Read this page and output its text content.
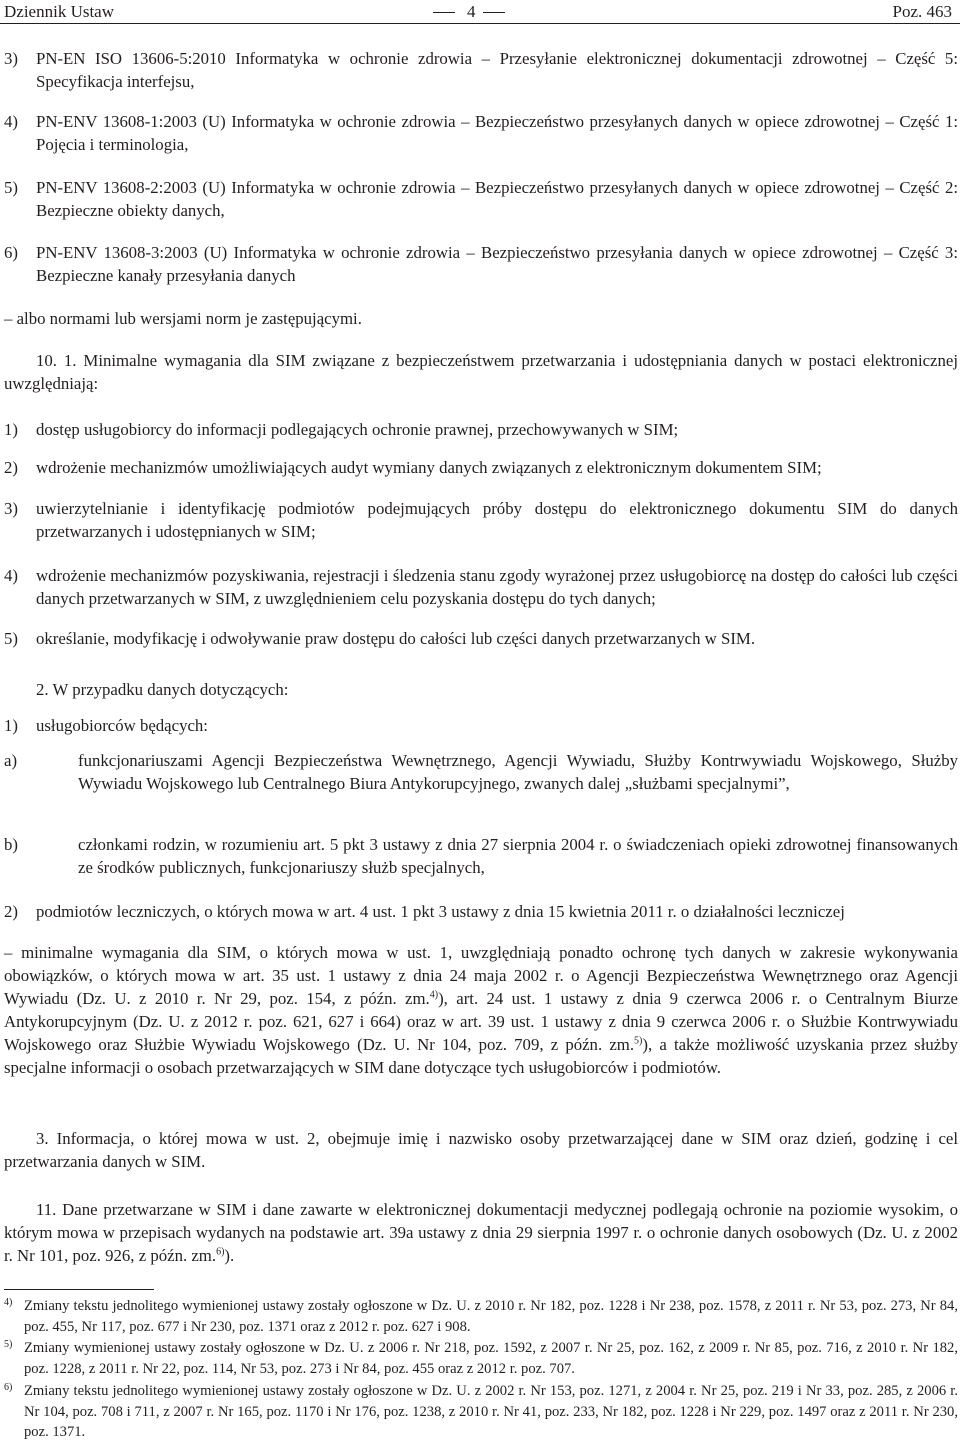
Dziennik Ustaw	4	Poz. 463
3) PN-EN ISO 13606-5:2010 Informatyka w ochronie zdrowia – Przesyłanie elektronicznej dokumentacji zdrowotnej – Część 5: Specyfikacja interfejsu,
4) PN-ENV 13608-1:2003 (U) Informatyka w ochronie zdrowia – Bezpieczeństwo przesyłanych danych w opiece zdrowotnej – Część 1: Pojęcia i terminologia,
5) PN-ENV 13608-2:2003 (U) Informatyka w ochronie zdrowia – Bezpieczeństwo przesyłanych danych w opiece zdrowotnej – Część 2: Bezpieczne obiekty danych,
6) PN-ENV 13608-3:2003 (U) Informatyka w ochronie zdrowia – Bezpieczeństwo przesyłania danych w opiece zdrowotnej – Część 3: Bezpieczne kanały przesyłania danych

– albo normami lub wersjami norm je zastępującymi.

10. 1. Minimalne wymagania dla SIM związane z bezpieczeństwem przetwarzania i udostępniania danych w postaci elektronicznej uwzględniają:

1) dostęp usługobiorcy do informacji podlegających ochronie prawnej, przechowywanych w SIM;
2) wdrożenie mechanizmów umożliwiających audyt wymiany danych związanych z elektronicznym dokumentem SIM;
3) uwierzytelnianie i identyfikację podmiotów podejmujących próby dostępu do elektronicznego dokumentu SIM do danych przetwarzanych i udostępnianych w SIM;
4) wdrożenie mechanizmów pozyskiwania, rejestracji i śledzenia stanu zgody wyrażonej przez usługobiorcę na dostęp do całości lub części danych przetwarzanych w SIM, z uwzględnieniem celu pozyskania dostępu do tych danych;
5) określanie, modyfikację i odwoływanie praw dostępu do całości lub części danych przetwarzanych w SIM.

2. W przypadku danych dotyczących:

1) usługobiorców będących:
a)	funkcjonariuszami Agencji Bezpieczeństwa Wewnętrznego, Agencji Wywiadu, Służby Kontrwywiadu Wojskowego, Służby Wywiadu Wojskowego lub Centralnego Biura Antykorupcyjnego, zwanych dalej „służbami specjalnymi”,
b)	członkami rodzin, w rozumieniu art. 5 pkt 3 ustawy z dnia 27 sierpnia 2004 r. o świadczeniach opieki zdrowotnej finansowanych ze środków publicznych, funkcjonariuszy służb specjalnych,
2) podmiotów leczniczych, o których mowa w art. 4 ust. 1 pkt 3 ustawy z dnia 15 kwietnia 2011 r. o działalności leczniczej

– minimalne wymagania dla SIM, o których mowa w ust. 1, uwzględniają ponadto ochronę tych danych w zakresie wykonywania obowiązków, o których mowa w art. 35 ust. 1 ustawy z dnia 24 maja 2002 r. o Agencji Bezpieczeństwa Wewnętrznego oraz Agencji Wywiadu (Dz. U. z 2010 r. Nr 29, poz. 154, z późn. zm.$^{4)}$), art. 24 ust. 1 ustawy z dnia 9 czerwca 2006 r. o Centralnym Biurze Antykorupcyjnym (Dz. U. z 2012 r. poz. 621, 627 i 664) oraz w art. 39 ust. 1 ustawy z dnia 9 czerwca 2006 r. o Służbie Kontrwywiadu Wojskowego oraz Służbie Wywiadu Wojskowego (Dz. U. Nr 104, poz. 709, z późn. zm.$^{5)}$), a także możliwość uzyskania przez służby specjalne informacji o osobach przetwarzających w SIM dane dotyczące tych usługobiorców i podmiotów.

3. Informacja, o której mowa w ust. 2, obejmuje imię i nazwisko osoby przetwarzającej dane w SIM oraz dzień, godzinę i cel przetwarzania danych w SIM.

11. Dane przetwarzane w SIM i dane zawarte w elektronicznej dokumentacji medycznej podlegają ochronie na poziomie wysokim, o którym mowa w przepisach wydanych na podstawie art. 39a ustawy z dnia 29 sierpnia 1997 r. o ochronie danych osobowych (Dz. U. z 2002 r. Nr 101, poz. 926, z późn. zm.$^{6)}$).

4) Zmiany tekstu jednolitego wymienionej ustawy zostały ogłoszone w Dz. U. z 2010 r. Nr 182, poz. 1228 i Nr 238, poz. 1578, z 2011 r. Nr 53, poz. 273, Nr 84, poz. 455, Nr 117, poz. 677 i Nr 230, poz. 1371 oraz z 2012 r. poz. 627 i 908.
5) Zmiany wymienionej ustawy zostały ogłoszone w Dz. U. z 2006 r. Nr 218, poz. 1592, z 2007 r. Nr 25, poz. 162, z 2009 r. Nr 85, poz. 716, z 2010 r. Nr 182, poz. 1228, z 2011 r. Nr 22, poz. 114, Nr 53, poz. 273 i Nr 84, poz. 455 oraz z 2012 r. poz. 707.
6) Zmiany tekstu jednolitego wymienionej ustawy zostały ogłoszone w Dz. U. z 2002 r. Nr 153, poz. 1271, z 2004 r. Nr 25, poz. 219 i Nr 33, poz. 285, z 2006 r. Nr 104, poz. 708 i 711, z 2007 r. Nr 165, poz. 1170 i Nr 176, poz. 1238, z 2010 r. Nr 41, poz. 233, Nr 182, poz. 1228 i Nr 229, poz. 1497 oraz z 2011 r. Nr 230, poz. 1371.
